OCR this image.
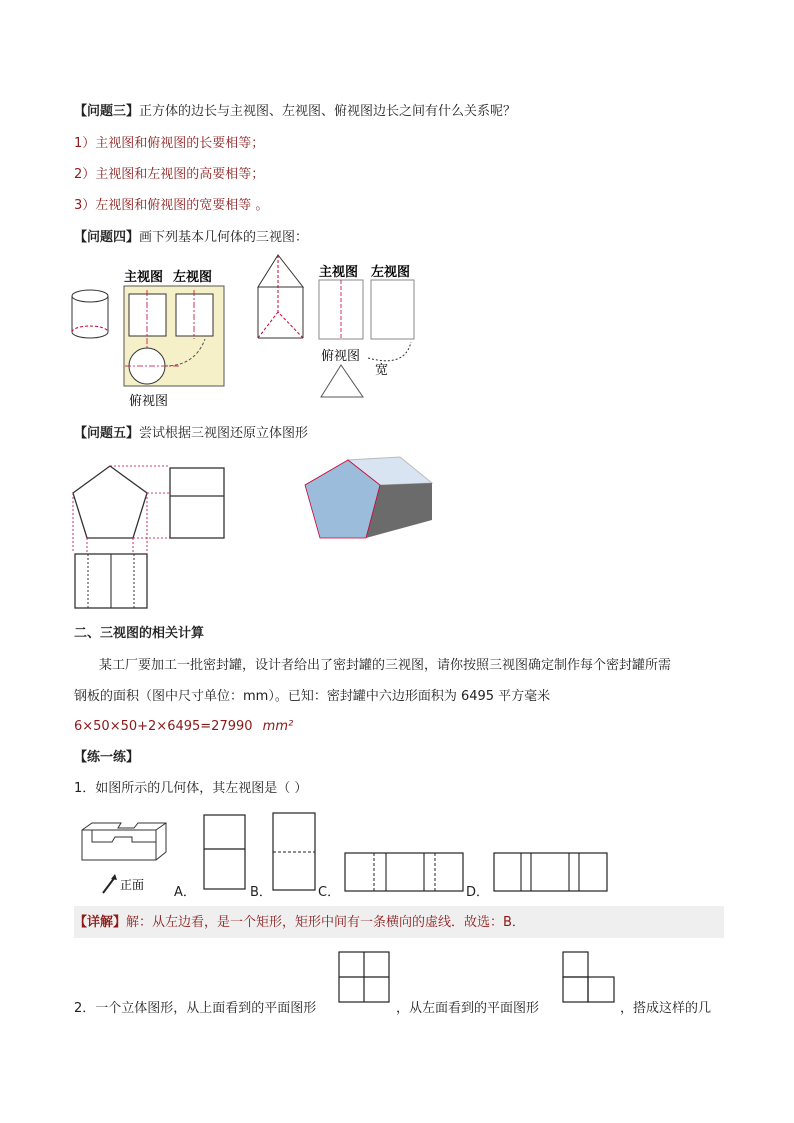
【问题三】正方体的边长与主视图、左视图、俯视图边长之间有什么关系呢？
1）主视图和俯视图的长要相等；
2）主视图和左视图的高要相等；
3）左视图和俯视图的宽要相等 。
【问题四】画下列基本几何体的三视图：
主视图 左视图
俯视图
主视图 左视图
俯视图
宽
【问题五】尝试根据三视图还原立体图形
二、三视图的相关计算
某工厂要加工一批密封罐，设计者给出了密封罐的三视图，请你按照三视图确定制作每个密封罐所需
钢板的面积（图中尺寸单位：mm）。已知：密封罐中六边形面积为 6495 平方毫米
6×50×50+2×6495=27990 mm²
【练一练】
1．如图所示的几何体，其左视图是（ ）
正面 A．	B．	C．	D．
【详解】解：从左边看，是一个矩形，矩形中间有一条横向的虚线．故选：B．
2．一个立体图形，从上面看到的平面图形	，从左面看到的平面图形	，搭成这样的几
